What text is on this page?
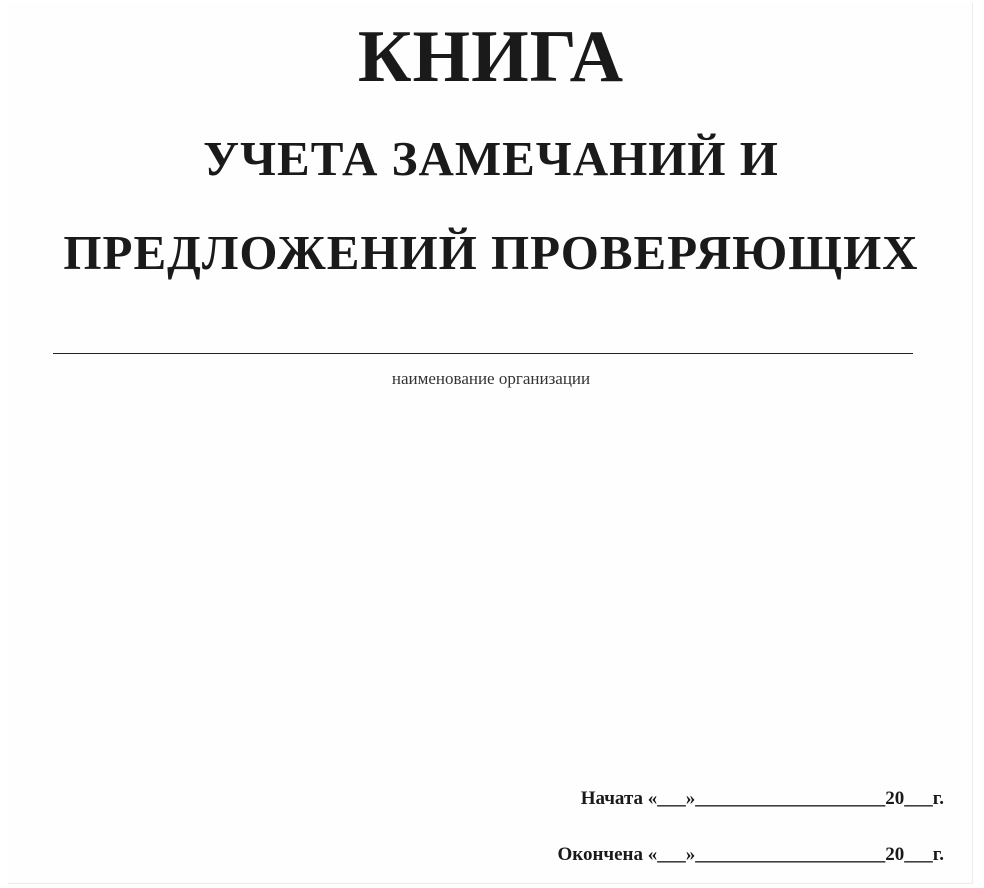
КНИГА
УЧЕТА ЗАМЕЧАНИЙ И
ПРЕДЛОЖЕНИЙ ПРОВЕРЯЮЩИХ
наименование организации
Начата «___»____________________20___г.
Окончена «___»____________________20___г.
